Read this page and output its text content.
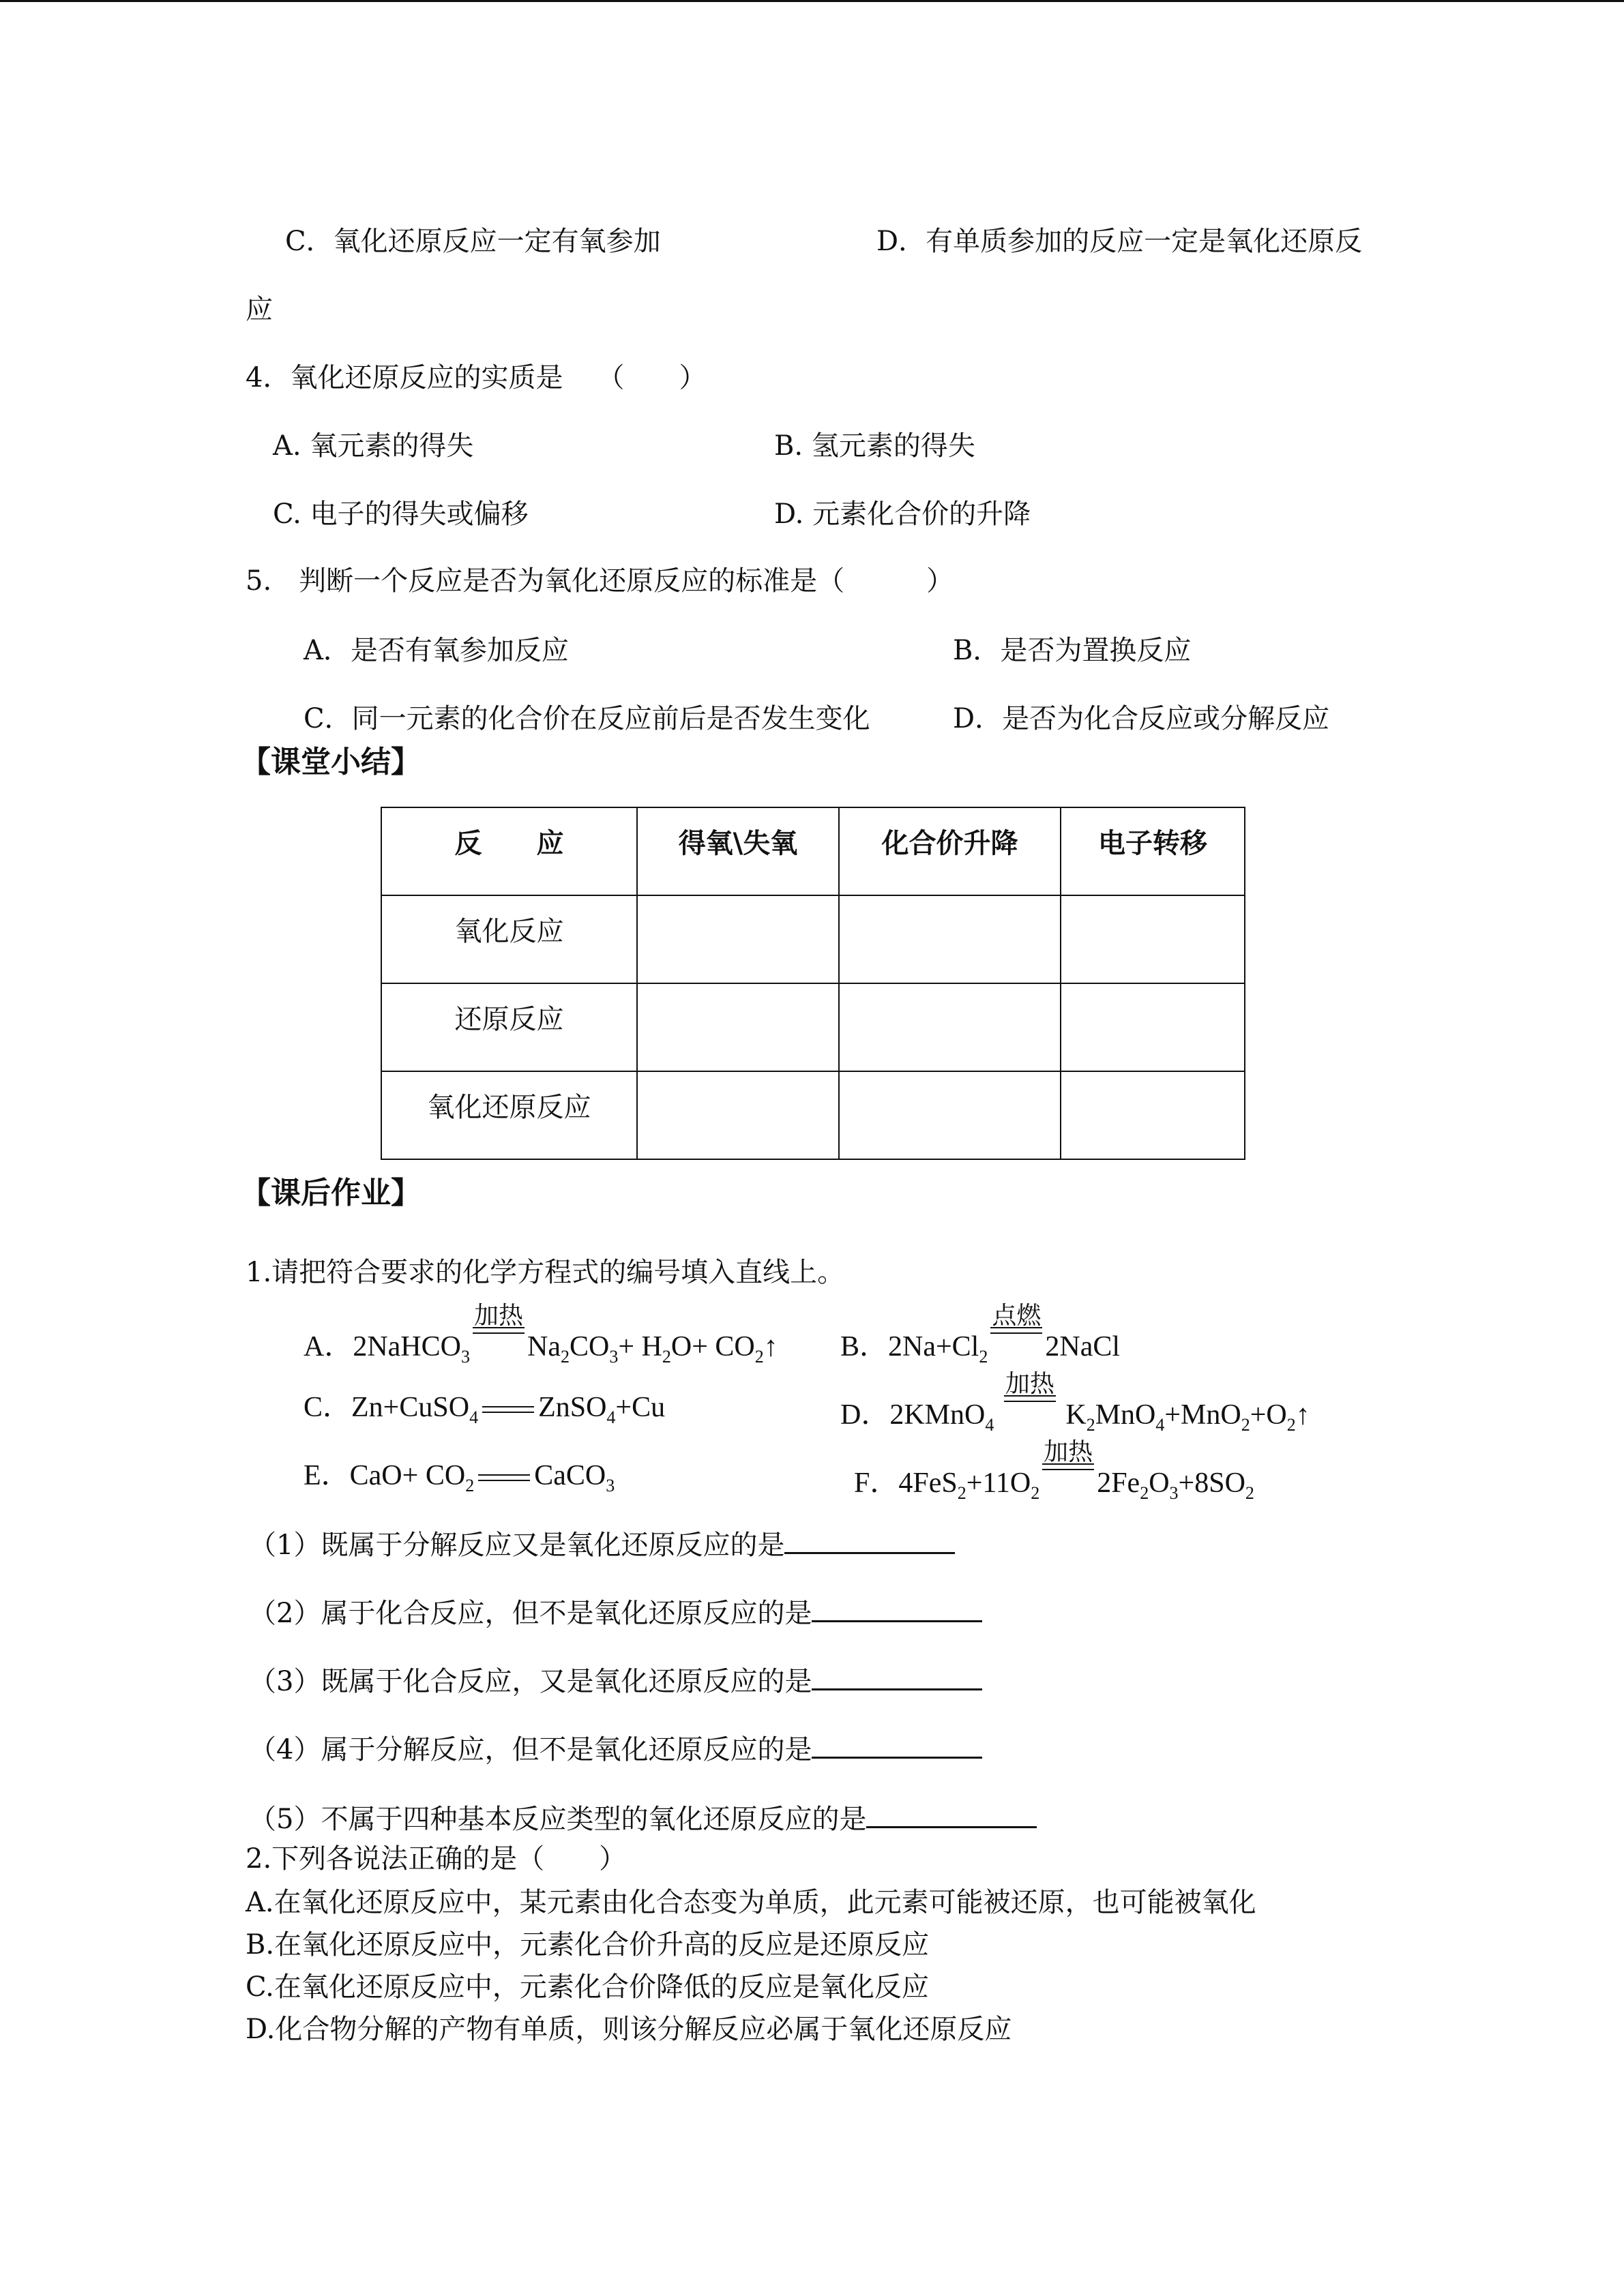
C．氧化还原反应一定有氧参加	D．有单质参加的反应一定是氧化还原反
应
4．氧化还原反应的实质是 （　　）
A. 氧元素的得失	B. 氢元素的得失
C. 电子的得失或偏移	D. 元素化合价的升降
5.　判断一个反应是否为氧化还原反应的标准是（　　　）
A．是否有氧参加反应	B．是否为置换反应
C．同一元素的化合价在反应前后是否发生变化	D．是否为化合反应或分解反应
【课堂小结】
反　　应	得氧\失氧	化合价升降	电子转移

氧化反应			

还原反应			

氧化还原反应			

【课后作业】
1.请把符合要求的化学方程式的编号填入直线上。
A．2NaHCO$_3$
加热
$Na_2CO_3+ H_2O+$ $CO_2↑$ B．$2Na+Cl_2$
点燃
2NaCl
C．Zn+CuSO$_4$ ZnSO$_4$+Cu	D．2KMnO$_4$
加热
$K_2MnO_4+MnO_2+O_2↑$
E．$CaO+ CO_2$ CaCO$_3$	F．$4FeS_2+11O_2$
加热
$2Fe_2O_3+8SO_2$
（1）既属于分解反应又是氧化还原反应的是
（2）属于化合反应，但不是氧化还原反应的是
（3）既属于化合反应，又是氧化还原反应的是
（4）属于分解反应，但不是氧化还原反应的是
（5）不属于四种基本反应类型的氧化还原反应的是
2.下列各说法正确的是（　　）
A.在氧化还原反应中，某元素由化合态变为单质，此元素可能被还原，也可能被氧化
B.在氧化还原反应中，元素化合价升高的反应是还原反应
C.在氧化还原反应中，元素化合价降低的反应是氧化反应
D.化合物分解的产物有单质，则该分解反应必属于氧化还原反应
